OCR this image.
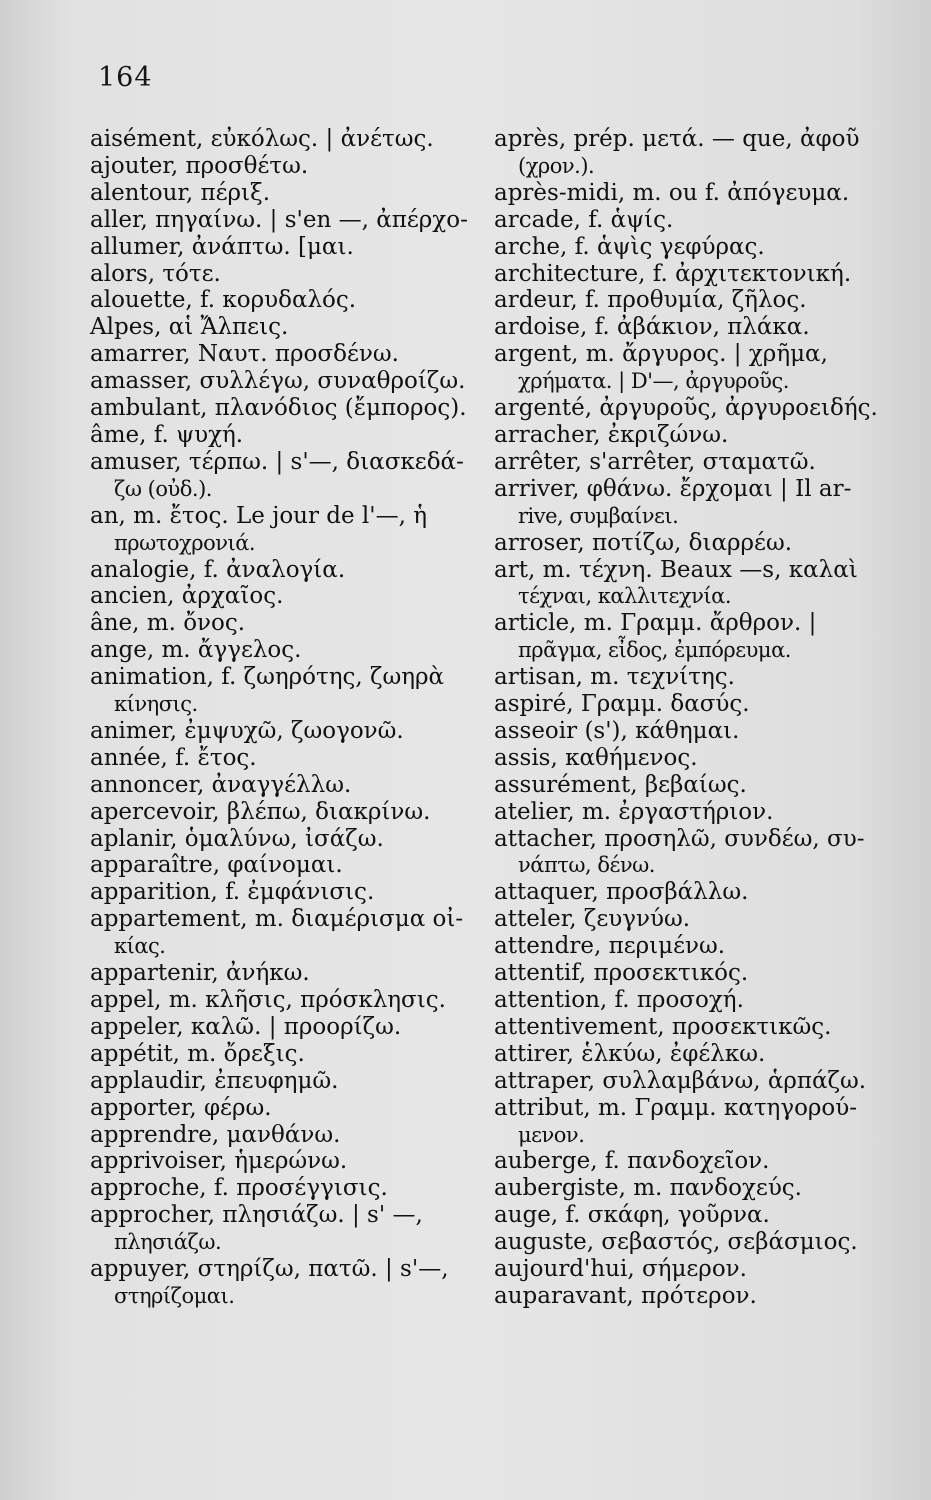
164
aisément, εὐκόλως. | ἀνέτως.
ajouter, προσθέτω.
alentour, πέριξ.
aller, πηγαίνω. | s'en —, ἀπέρχο-
allumer, ἀνάπτω. [μαι.
alors, τότε.
alouette, f. κορυδαλός.
Alpes, αἱ Ἄλπεις.
amarrer, Ναυτ. προσδένω.
amasser, συλλέγω, συναθροίζω.
ambulant, πλανόδιος (ἔμπορος).
âme, f. ψυχή.
amuser, τέρπω. | s'—, διασκεδά-
ζω (οὐδ.).
an, m. ἔτος. Le jour de l'—, ἡ
πρωτοχρονιά.
analogie, f. ἀναλογία.
ancien, ἀρχαῖος.
âne, m. ὄνος.
ange, m. ἄγγελος.
animation, f. ζωηρότης, ζωηρὰ
κίνησις.
animer, ἐμψυχῶ, ζωογονῶ.
année, f. ἔτος.
annoncer, ἀναγγέλλω.
apercevoir, βλέπω, διακρίνω.
aplanir, ὁμαλύνω, ἰσάζω.
apparaître, φαίνομαι.
apparition, f. ἐμφάνισις.
appartement, m. διαμέρισμα οἰ-
κίας.
appartenir, ἀνήκω.
appel, m. κλῆσις, πρόσκλησις.
appeler, καλῶ. | προορίζω.
appétit, m. ὄρεξις.
applaudir, ἐπευφημῶ.
apporter, φέρω.
apprendre, μανθάνω.
apprivoiser, ἡμερώνω.
approche, f. προσέγγισις.
approcher, πλησιάζω. | s' —,
πλησιάζω.
appuyer, στηρίζω, πατῶ. | s'—,
στηρίζομαι.
après, prép. μετά. — que, ἀφοῦ
(χρον.).
après-midi, m. ou f. ἀπόγευμα.
arcade, f. ἁψίς.
arche, f. ἁψὶς γεφύρας.
architecture, f. ἀρχιτεκτονική.
ardeur, f. προθυμία, ζῆλος.
ardoise, f. ἀβάκιον, πλάκα.
argent, m. ἄργυρος. | χρῆμα,
χρήματα. | D'—, ἀργυροῦς.
argenté, ἀργυροῦς, ἀργυροειδής.
arracher, ἐκριζώνω.
arrêter, s'arrêter, σταματῶ.
arriver, φθάνω. ἔρχομαι | Il ar-
rive, συμβαίνει.
arroser, ποτίζω, διαρρέω.
art, m. τέχνη. Beaux —s, καλαὶ
τέχναι, καλλιτεχνία.
article, m. Γραμμ. ἄρθρον. |
πρᾶγμα, εἶδος, ἐμπόρευμα.
artisan, m. τεχνίτης.
aspiré, Γραμμ. δασύς.
asseoir (s'), κάθημαι.
assis, καθήμενος.
assurément, βεβαίως.
atelier, m. ἐργαστήριον.
attacher, προσηλῶ, συνδέω, συ-
νάπτω, δένω.
attaquer, προσβάλλω.
atteler, ζευγνύω.
attendre, περιμένω.
attentif, προσεκτικός.
attention, f. προσοχή.
attentivement, προσεκτικῶς.
attirer, ἑλκύω, ἐφέλκω.
attraper, συλλαμβάνω, ἁρπάζω.
attribut, m. Γραμμ. κατηγορού-
μενον.
auberge, f. πανδοχεῖον.
aubergiste, m. πανδοχεύς.
auge, f. σκάφη, γοῦρνα.
auguste, σεβαστός, σεβάσμιος.
aujourd'hui, σήμερον.
auparavant, πρότερον.
